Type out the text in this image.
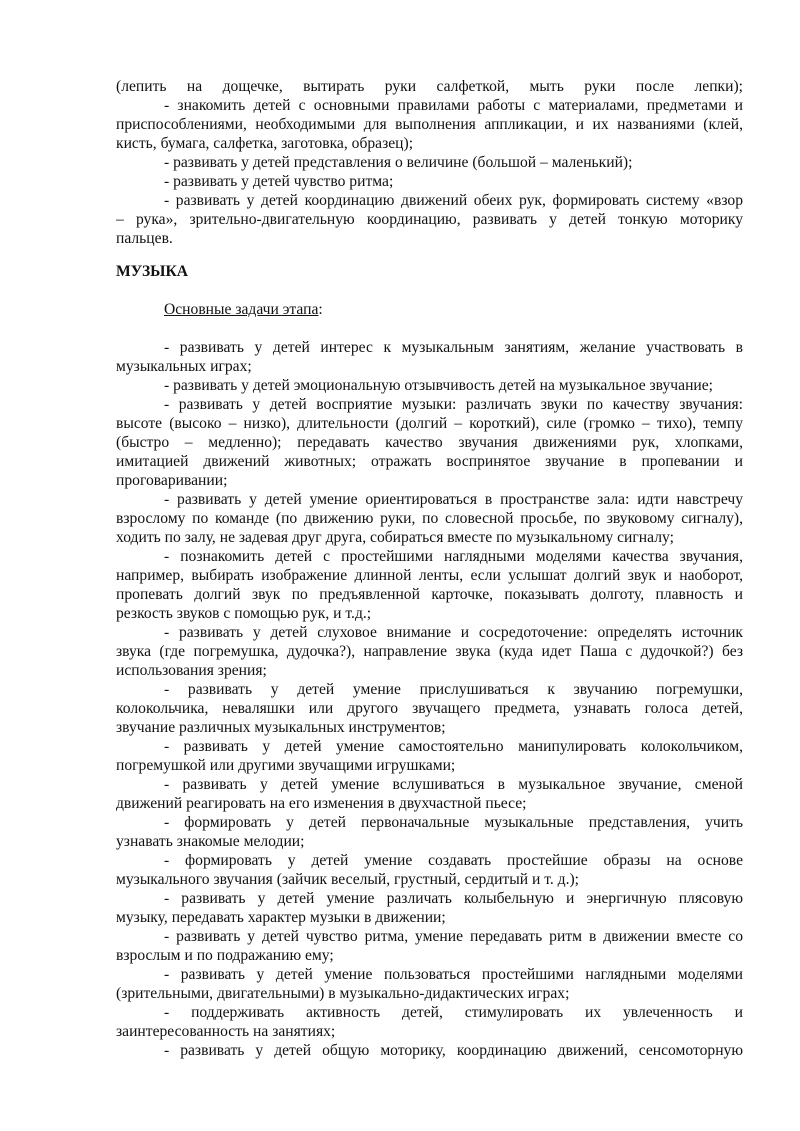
(лепить на дощечке, вытирать руки салфеткой, мыть руки после лепки);
- знакомить детей с основными правилами работы с материалами, предметами и
приспособлениями, необходимыми для выполнения аппликации, и их названиями (клей,
кисть, бумага, салфетка, заготовка, образец);
- развивать у детей представления о величине (большой – маленький);
- развивать у детей чувство ритма;
- развивать у детей координацию движений обеих рук, формировать систему «взор
– рука», зрительно-двигательную координацию, развивать у детей тонкую моторику
пальцев.
МУЗЫКА
Основные задачи этапа:
- развивать у детей интерес к музыкальным занятиям, желание участвовать в
музыкальных играх;
- развивать у детей эмоциональную отзывчивость детей на музыкальное звучание;
- развивать у детей восприятие музыки: различать звуки по качеству звучания:
высоте (высоко – низко), длительности (долгий – короткий), силе (громко – тихо), темпу
(быстро – медленно); передавать качество звучания движениями рук, хлопками,
имитацией движений животных; отражать воспринятое звучание в пропевании и
проговаривании;
- развивать у детей умение ориентироваться в пространстве зала: идти навстречу
взрослому по команде (по движению руки, по словесной просьбе, по звуковому сигналу),
ходить по залу, не задевая друг друга, собираться вместе по музыкальному сигналу;
- познакомить детей с простейшими наглядными моделями качества звучания,
например, выбирать изображение длинной ленты, если услышат долгий звук и наоборот,
пропевать долгий звук по предъявленной карточке, показывать долготу, плавность и
резкость звуков с помощью рук, и т.д.;
- развивать у детей слуховое внимание и сосредоточение: определять источник
звука (где погремушка, дудочка?), направление звука (куда идет Паша с дудочкой?) без
использования зрения;
- развивать у детей умение прислушиваться к звучанию погремушки,
колокольчика, неваляшки или другого звучащего предмета, узнавать голоса детей,
звучание различных музыкальных инструментов;
- развивать у детей умение самостоятельно манипулировать колокольчиком,
погремушкой или другими звучащими игрушками;
- развивать у детей умение вслушиваться в музыкальное звучание, сменой
движений реагировать на его изменения в двухчастной пьесе;
- формировать у детей первоначальные музыкальные представления, учить
узнавать знакомые мелодии;
- формировать у детей умение создавать простейшие образы на основе
музыкального звучания (зайчик веселый, грустный, сердитый и т. д.);
- развивать у детей умение различать колыбельную и энергичную плясовую
музыку, передавать характер музыки в движении;
- развивать у детей чувство ритма, умение передавать ритм в движении вместе со
взрослым и по подражанию ему;
- развивать у детей умение пользоваться простейшими наглядными моделями
(зрительными, двигательными) в музыкально-дидактических играх;
- поддерживать активность детей, стимулировать их увлеченность и
заинтересованность на занятиях;
- развивать у детей общую моторику, координацию движений, сенсомоторную
